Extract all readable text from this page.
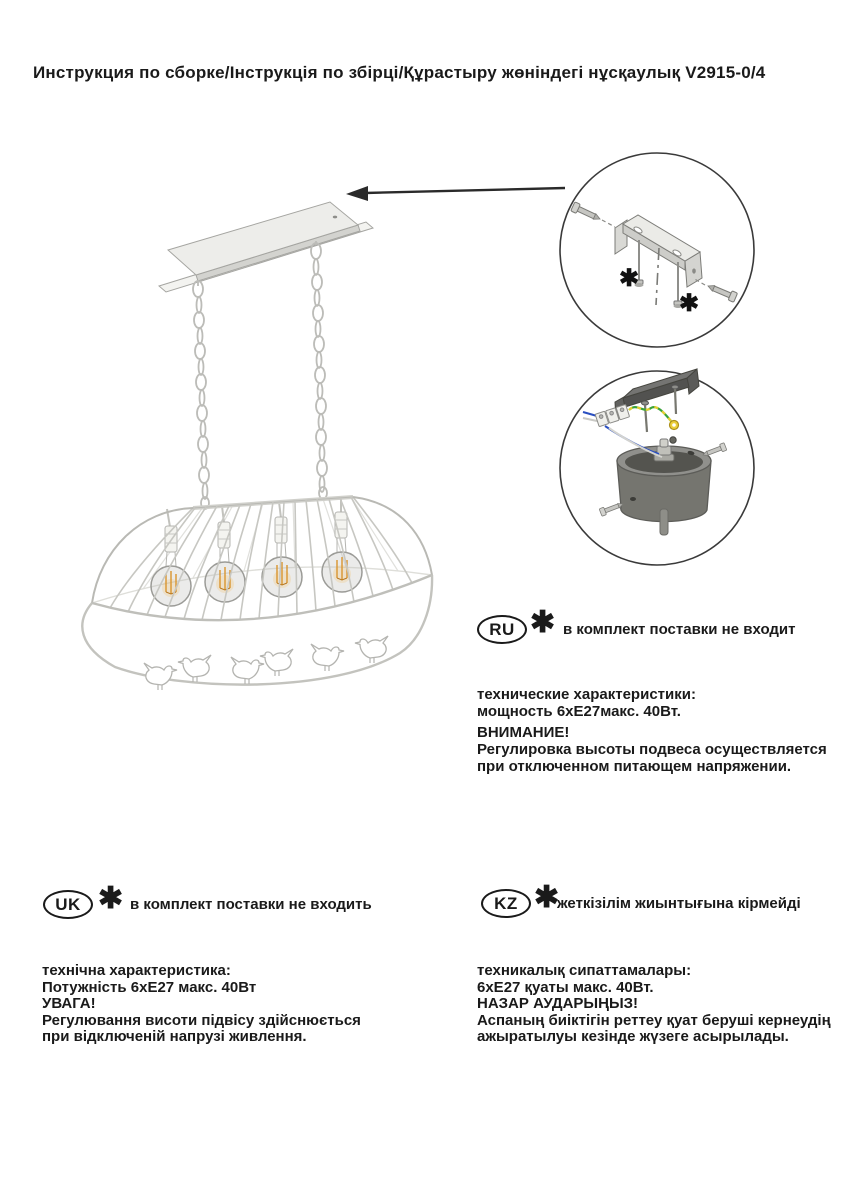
Инструкция по сборке/Інструкція по збірці/Құрастыру жөніндегі нұсқаулық V2915-0/4
✱
✱
RU ✱ в комплект поставки не входит
технические характеристики:
мощность 6хЕ27макс. 40Вт.
ВНИМАНИЕ!
Регулировка высоты подвеса осуществляется
при отключенном питающем напряжении.
UK ✱ в комплект поставки не входить
технічна характеристика:
Потужність 6хЕ27 макс. 40Вт
УВАГА!
Регулювання висоти підвісу здійснюється
при відключеній напрузі живлення.
KZ ✱
жеткізілім жиынтығына кірмейді
техникалық сипаттамалары:
6хЕ27 қуаты макс. 40Вт.
НАЗАР АУДАРЫҢЫЗ!
Аспаның биіктігін реттеу қуат беруші кернеудің
ажыратылуы кезінде жүзеге асырылады.
